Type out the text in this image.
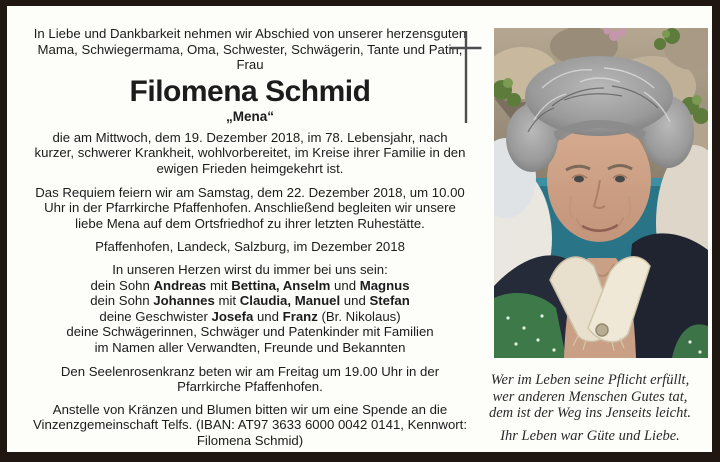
In Liebe und Dankbarkeit nehmen wir Abschied von unserer herzensguten Mama, Schwiegermama, Oma, Schwester, Schwägerin, Tante und Patin, Frau

Filomena Schmid

„Mena“

die am Mittwoch, dem 19. Dezember 2018, im 78. Lebensjahr, nach kurzer, schwerer Krankheit, wohlvorbereitet, im Kreise ihrer Familie in den ewigen Frieden heimgekehrt ist.

Das Requiem feiern wir am Samstag, dem 22. Dezember 2018, um 10.00 Uhr in der Pfarrkirche Pfaffenhofen. Anschließend begleiten wir unsere liebe Mena auf dem Ortsfriedhof zu ihrer letzten Ruhestätte.

Pfaffenhofen, Landeck, Salzburg, im Dezember 2018

In unseren Herzen wirst du immer bei uns sein:
dein Sohn Andreas mit Bettina, Anselm und Magnus
dein Sohn Johannes mit Claudia, Manuel und Stefan
deine Geschwister Josefa und Franz (Br. Nikolaus)
deine Schwägerinnen, Schwäger und Patenkinder mit Familien
im Namen aller Verwandten, Freunde und Bekannten

Den Seelenrosenkranz beten wir am Freitag um 19.00 Uhr in der Pfarrkirche Pfaffenhofen.

Anstelle von Kränzen und Blumen bitten wir um eine Spende an die Vinzenzgemeinschaft Telfs. (IBAN: AT97 3633 6000 0042 0141, Kennwort: Filomena Schmid)

Wer im Leben seine Pflicht erfüllt,
wer anderen Menschen Gutes tat,
dem ist der Weg ins Jenseits leicht.
Ihr Leben war Güte und Liebe.
